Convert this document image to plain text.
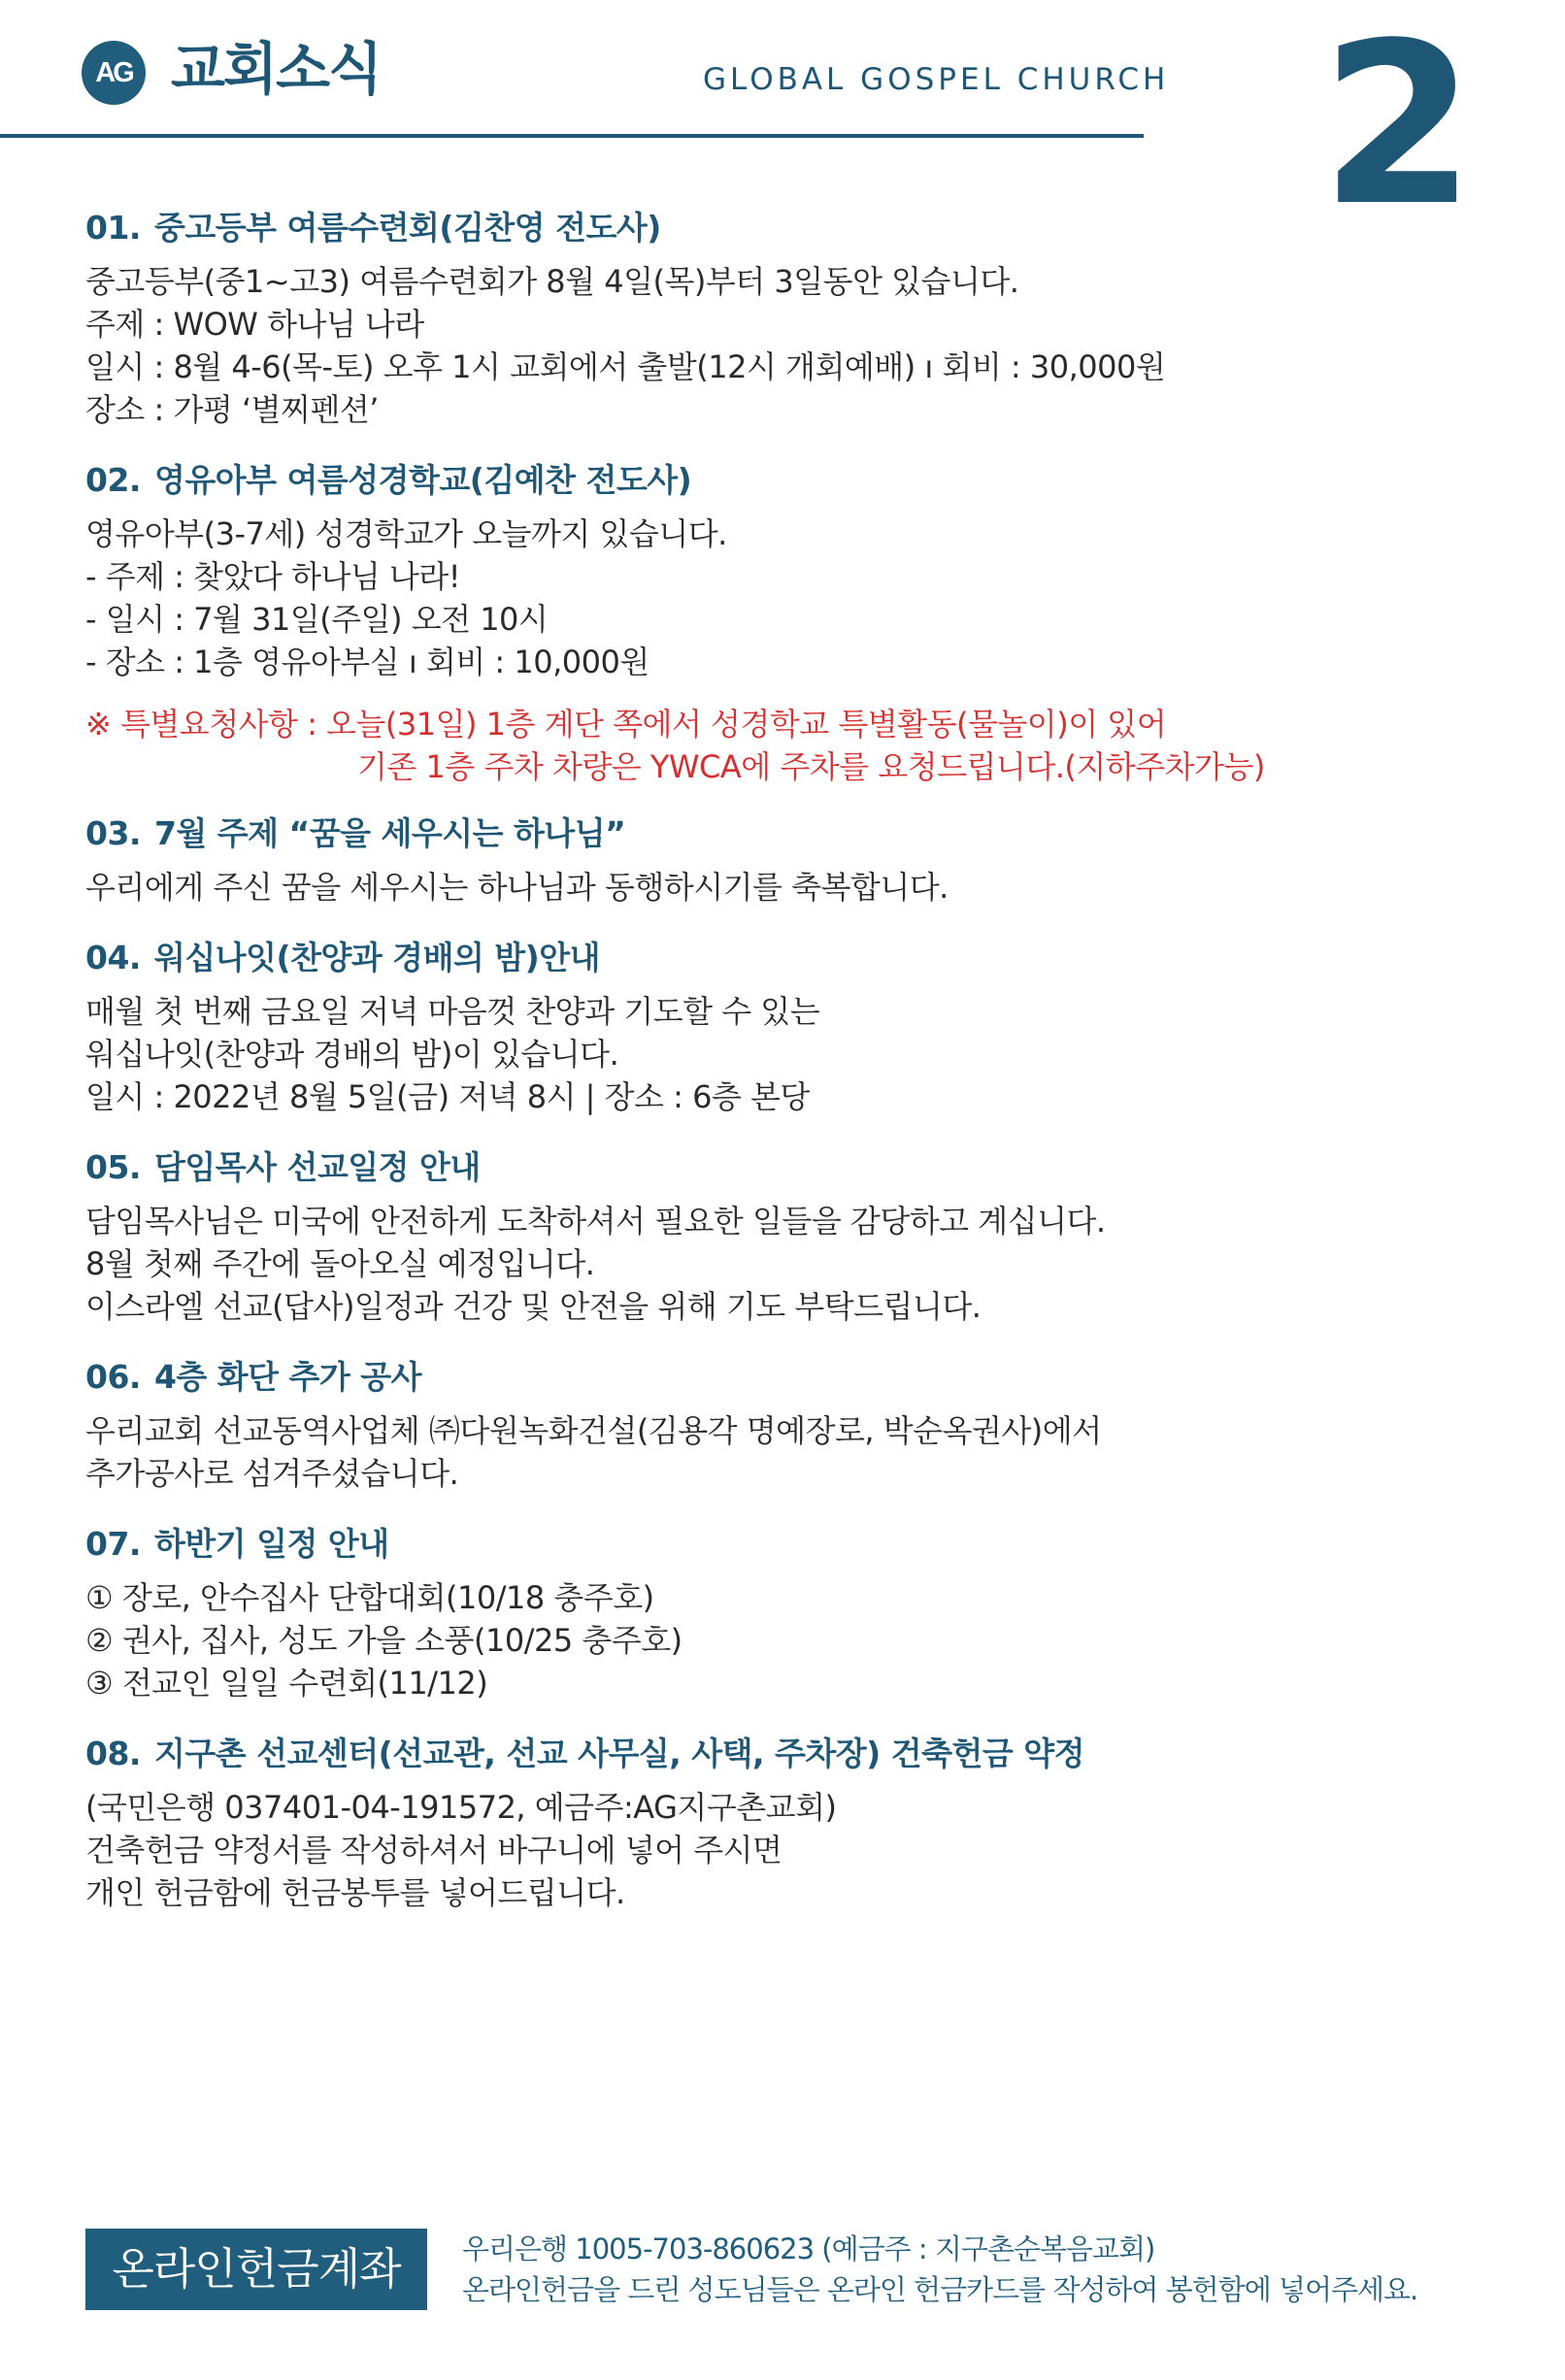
AG 교회소식	GLOBAL GOSPEL CHURCH 2
01. 중고등부 여름수련회(김찬영 전도사)
중고등부(중1~고3) 여름수련회가 8월 4일(목)부터 3일동안 있습니다.
주제 : WOW 하나님 나라
일시 : 8월 4-6(목-토) 오후 1시 교회에서 출발(12시 개회예배) ı 회비 : 30,000원
장소 : 가평 ‘별찌펜션’
02. 영유아부 여름성경학교(김예찬 전도사)
영유아부(3-7세) 성경학교가 오늘까지 있습니다.
- 주제 : 찾았다 하나님 나라!
- 일시 : 7월 31일(주일) 오전 10시
- 장소 : 1층 영유아부실 ı 회비 : 10,000원
※ 특별요청사항 : 오늘(31일) 1층 계단 쪽에서 성경학교 특별활동(물놀이)이 있어
기존 1층 주차 차량은 YWCA에 주차를 요청드립니다.(지하주차가능)
03. 7월 주제 “꿈을 세우시는 하나님”
우리에게 주신 꿈을 세우시는 하나님과 동행하시기를 축복합니다.
04. 워십나잇(찬양과 경배의 밤)안내
매월 첫 번째 금요일 저녁 마음껏 찬양과 기도할 수 있는
워십나잇(찬양과 경배의 밤)이 있습니다.
일시 : 2022년 8월 5일(금) 저녁 8시 | 장소 : 6층 본당
05. 담임목사 선교일정 안내
담임목사님은 미국에 안전하게 도착하셔서 필요한 일들을 감당하고 계십니다.
8월 첫째 주간에 돌아오실 예정입니다.
이스라엘 선교(답사)일정과 건강 및 안전을 위해 기도 부탁드립니다.
06. 4층 화단 추가 공사
우리교회 선교동역사업체 ㈜다원녹화건설(김용각 명예장로, 박순옥권사)에서
추가공사로 섬겨주셨습니다.
07. 하반기 일정 안내
① 장로, 안수집사 단합대회(10/18 충주호)
② 권사, 집사, 성도 가을 소풍(10/25 충주호)
③ 전교인 일일 수련회(11/12)
08. 지구촌 선교센터(선교관, 선교 사무실, 사택, 주차장) 건축헌금 약정
(국민은행 037401-04-191572, 예금주:AG지구촌교회)
건축헌금 약정서를 작성하셔서 바구니에 넣어 주시면
개인 헌금함에 헌금봉투를 넣어드립니다.
온라인헌금계좌	우리은행 1005-703-860623 (예금주 : 지구촌순복음교회)
온라인헌금을 드린 성도님들은 온라인 헌금카드를 작성하여 봉헌함에 넣어주세요.
